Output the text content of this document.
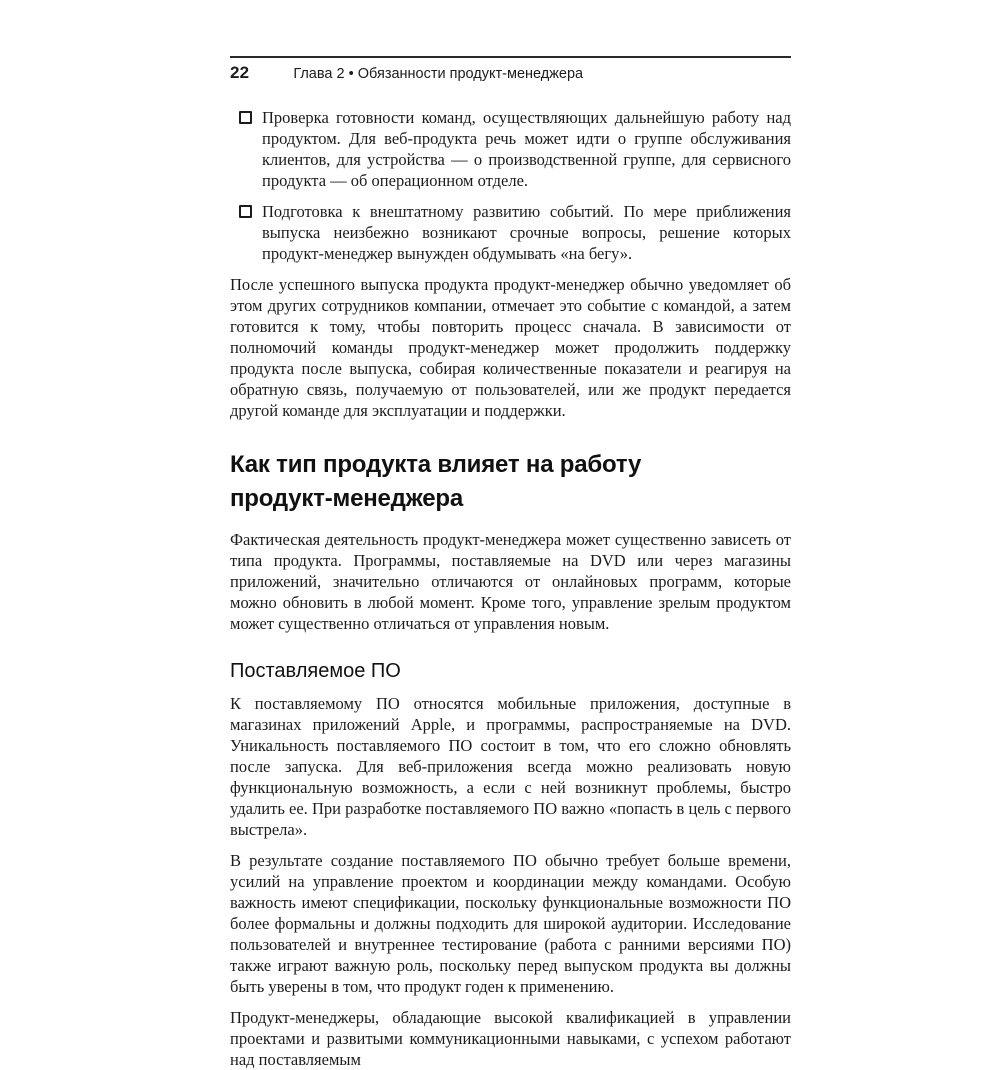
22	Глава 2 • Обязанности продукт-менеджера
Проверка готовности команд, осуществляющих дальнейшую работу над продуктом. Для веб-продукта речь может идти о группе обслуживания клиентов, для устройства — о производственной группе, для сервисного продукта — об операционном отделе.
Подготовка к внештатному развитию событий. По мере приближения выпуска неизбежно возникают срочные вопросы, решение которых продукт-менеджер вынужден обдумывать «на бегу».

После успешного выпуска продукта продукт-менеджер обычно уведомляет об этом других сотрудников компании, отмечает это событие с командой, а затем готовится к тому, чтобы повторить процесс сначала. В зависимости от полномочий команды продукт-менеджер может продолжить поддержку продукта после выпуска, собирая количественные показатели и реагируя на обратную связь, получаемую от пользователей, или же продукт передается другой команде для эксплуатации и поддержки.

Как тип продукта влияет на работу
продукт-менеджера

Фактическая деятельность продукт-менеджера может существенно зависеть от типа продукта. Программы, поставляемые на DVD или через магазины приложений, значительно отличаются от онлайновых программ, которые можно обновить в любой момент. Кроме того, управление зрелым продуктом может существенно отличаться от управления новым.

Поставляемое ПО

К поставляемому ПО относятся мобильные приложения, доступные в магазинах приложений Apple, и программы, распространяемые на DVD. Уникальность поставляемого ПО состоит в том, что его сложно обновлять после запуска. Для веб-приложения всегда можно реализовать новую функциональную возможность, а если с ней возникнут проблемы, быстро удалить ее. При разработке поставляемого ПО важно «попасть в цель с первого выстрела».

В результате создание поставляемого ПО обычно требует больше времени, усилий на управление проектом и координации между командами. Особую важность имеют спецификации, поскольку функциональные возможности ПО более формальны и должны подходить для широкой аудитории. Исследование пользователей и внутреннее тестирование (работа с ранними версиями ПО) также играют важную роль, поскольку перед выпуском продукта вы должны быть уверены в том, что продукт годен к применению.

Продукт-менеджеры, обладающие высокой квалификацией в управлении проектами и развитыми коммуникационными навыками, с успехом работают над поставляемым
